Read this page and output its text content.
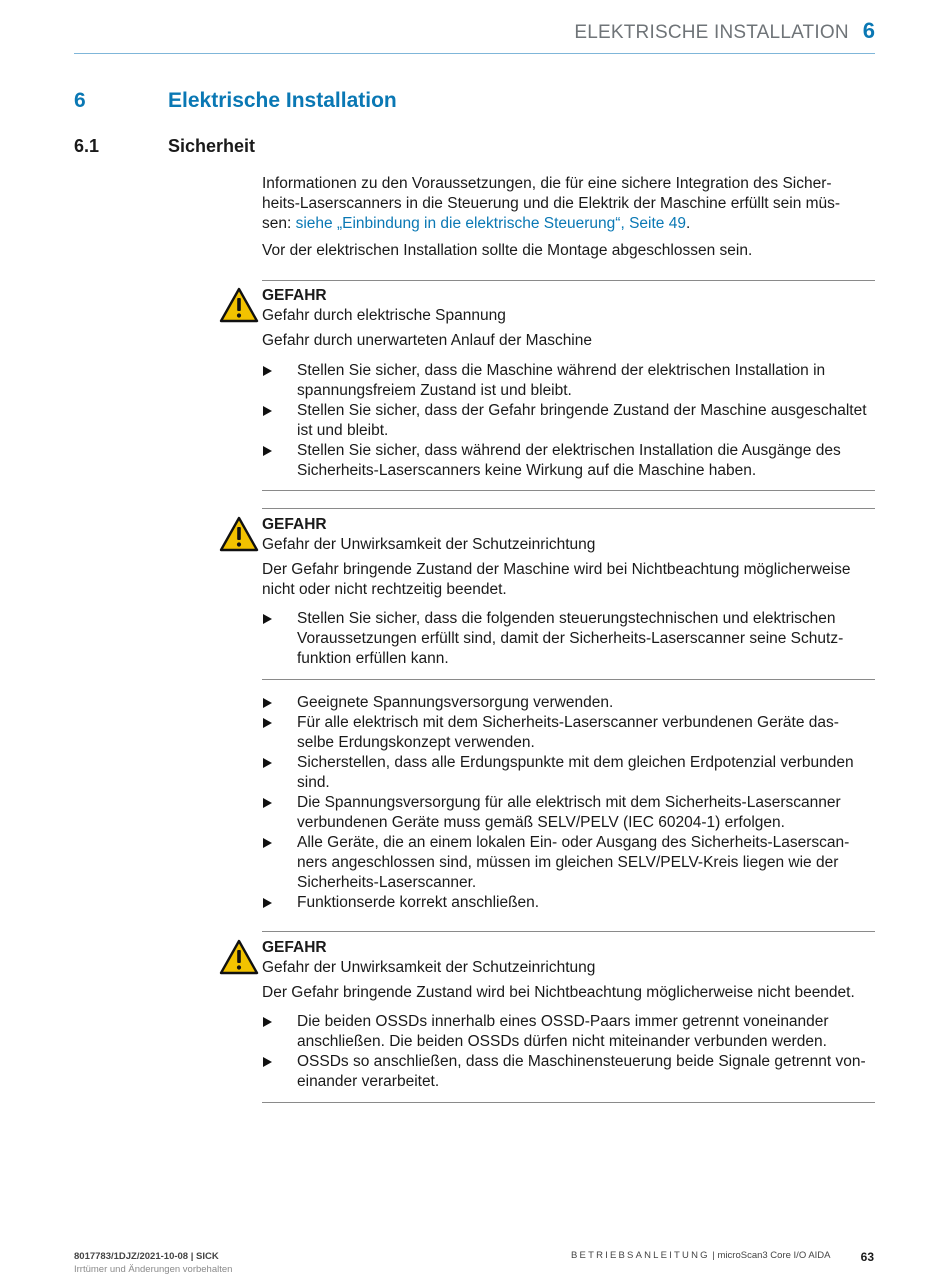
ELEKTRISCHE INSTALLATION 6
6	Elektrische Installation
6.1	Sicherheit
Informationen zu den Voraussetzungen, die für eine sichere Integration des Sicher-
heits-Laserscanners in die Steuerung und die Elektrik der Maschine erfüllt sein müs-
sen: siehe „Einbindung in die elektrische Steuerung“, Seite 49.
Vor der elektrischen Installation sollte die Montage abgeschlossen sein.
GEFAHR
Gefahr durch elektrische Spannung
Gefahr durch unerwarteten Anlauf der Maschine
Stellen Sie sicher, dass die Maschine während der elektrischen Installation in
spannungsfreiem Zustand ist und bleibt.
Stellen Sie sicher, dass der Gefahr bringende Zustand der Maschine ausgeschaltet
ist und bleibt.
Stellen Sie sicher, dass während der elektrischen Installation die Ausgänge des
Sicherheits-Laserscanners keine Wirkung auf die Maschine haben.
GEFAHR
Gefahr der Unwirksamkeit der Schutzeinrichtung
Der Gefahr bringende Zustand der Maschine wird bei Nichtbeachtung möglicherweise
nicht oder nicht rechtzeitig beendet.
Stellen Sie sicher, dass die folgenden steuerungstechnischen und elektrischen
Voraussetzungen erfüllt sind, damit der Sicherheits-Laserscanner seine Schutz-
funktion erfüllen kann.
Geeignete Spannungsversorgung verwenden.
Für alle elektrisch mit dem Sicherheits-Laserscanner verbundenen Geräte das-
selbe Erdungskonzept verwenden.
Sicherstellen, dass alle Erdungspunkte mit dem gleichen Erdpotenzial verbunden
sind.
Die Spannungsversorgung für alle elektrisch mit dem Sicherheits-Laserscanner
verbundenen Geräte muss gemäß SELV/PELV (IEC 60204-1) erfolgen.
Alle Geräte, die an einem lokalen Ein- oder Ausgang des Sicherheits-Laserscan-
ners angeschlossen sind, müssen im gleichen SELV/PELV-Kreis liegen wie der
Sicherheits-Laserscanner.
Funktionserde korrekt anschließen.
GEFAHR
Gefahr der Unwirksamkeit der Schutzeinrichtung
Der Gefahr bringende Zustand wird bei Nichtbeachtung möglicherweise nicht beendet.
Die beiden OSSDs innerhalb eines OSSD-Paars immer getrennt voneinander
anschließen. Die beiden OSSDs dürfen nicht miteinander verbunden werden.
OSSDs so anschließen, dass die Maschinensteuerung beide Signale getrennt von-
einander verarbeitet.
8017783/1DJZ/2021-10-08 | SICK
Irrtümer und Änderungen vorbehalten
BETRIEBSANLEITUNG | microScan3 Core I/O AIDA	63
